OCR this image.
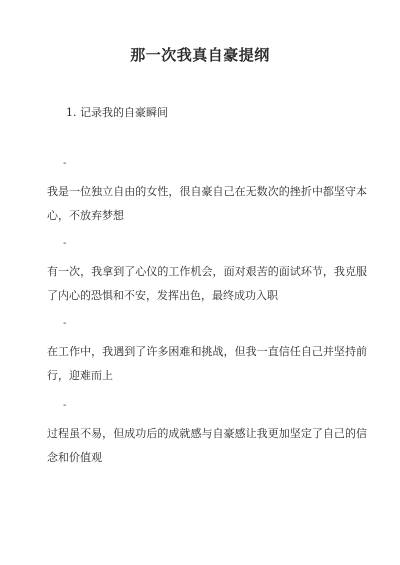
那一次我真自豪提纲
1. 记录我的自豪瞬间
-
我是一位独立自由的女性，很自豪自己在无数次的挫折中都坚守本心，不放弃梦想
-
有一次，我拿到了心仪的工作机会，面对艰苦的面试环节，我克服了内心的恐惧和不安，发挥出色，最终成功入职
-
在工作中，我遇到了许多困难和挑战，但我一直信任自己并坚持前行，迎难而上
-
过程虽不易，但成功后的成就感与自豪感让我更加坚定了自己的信念和价值观
